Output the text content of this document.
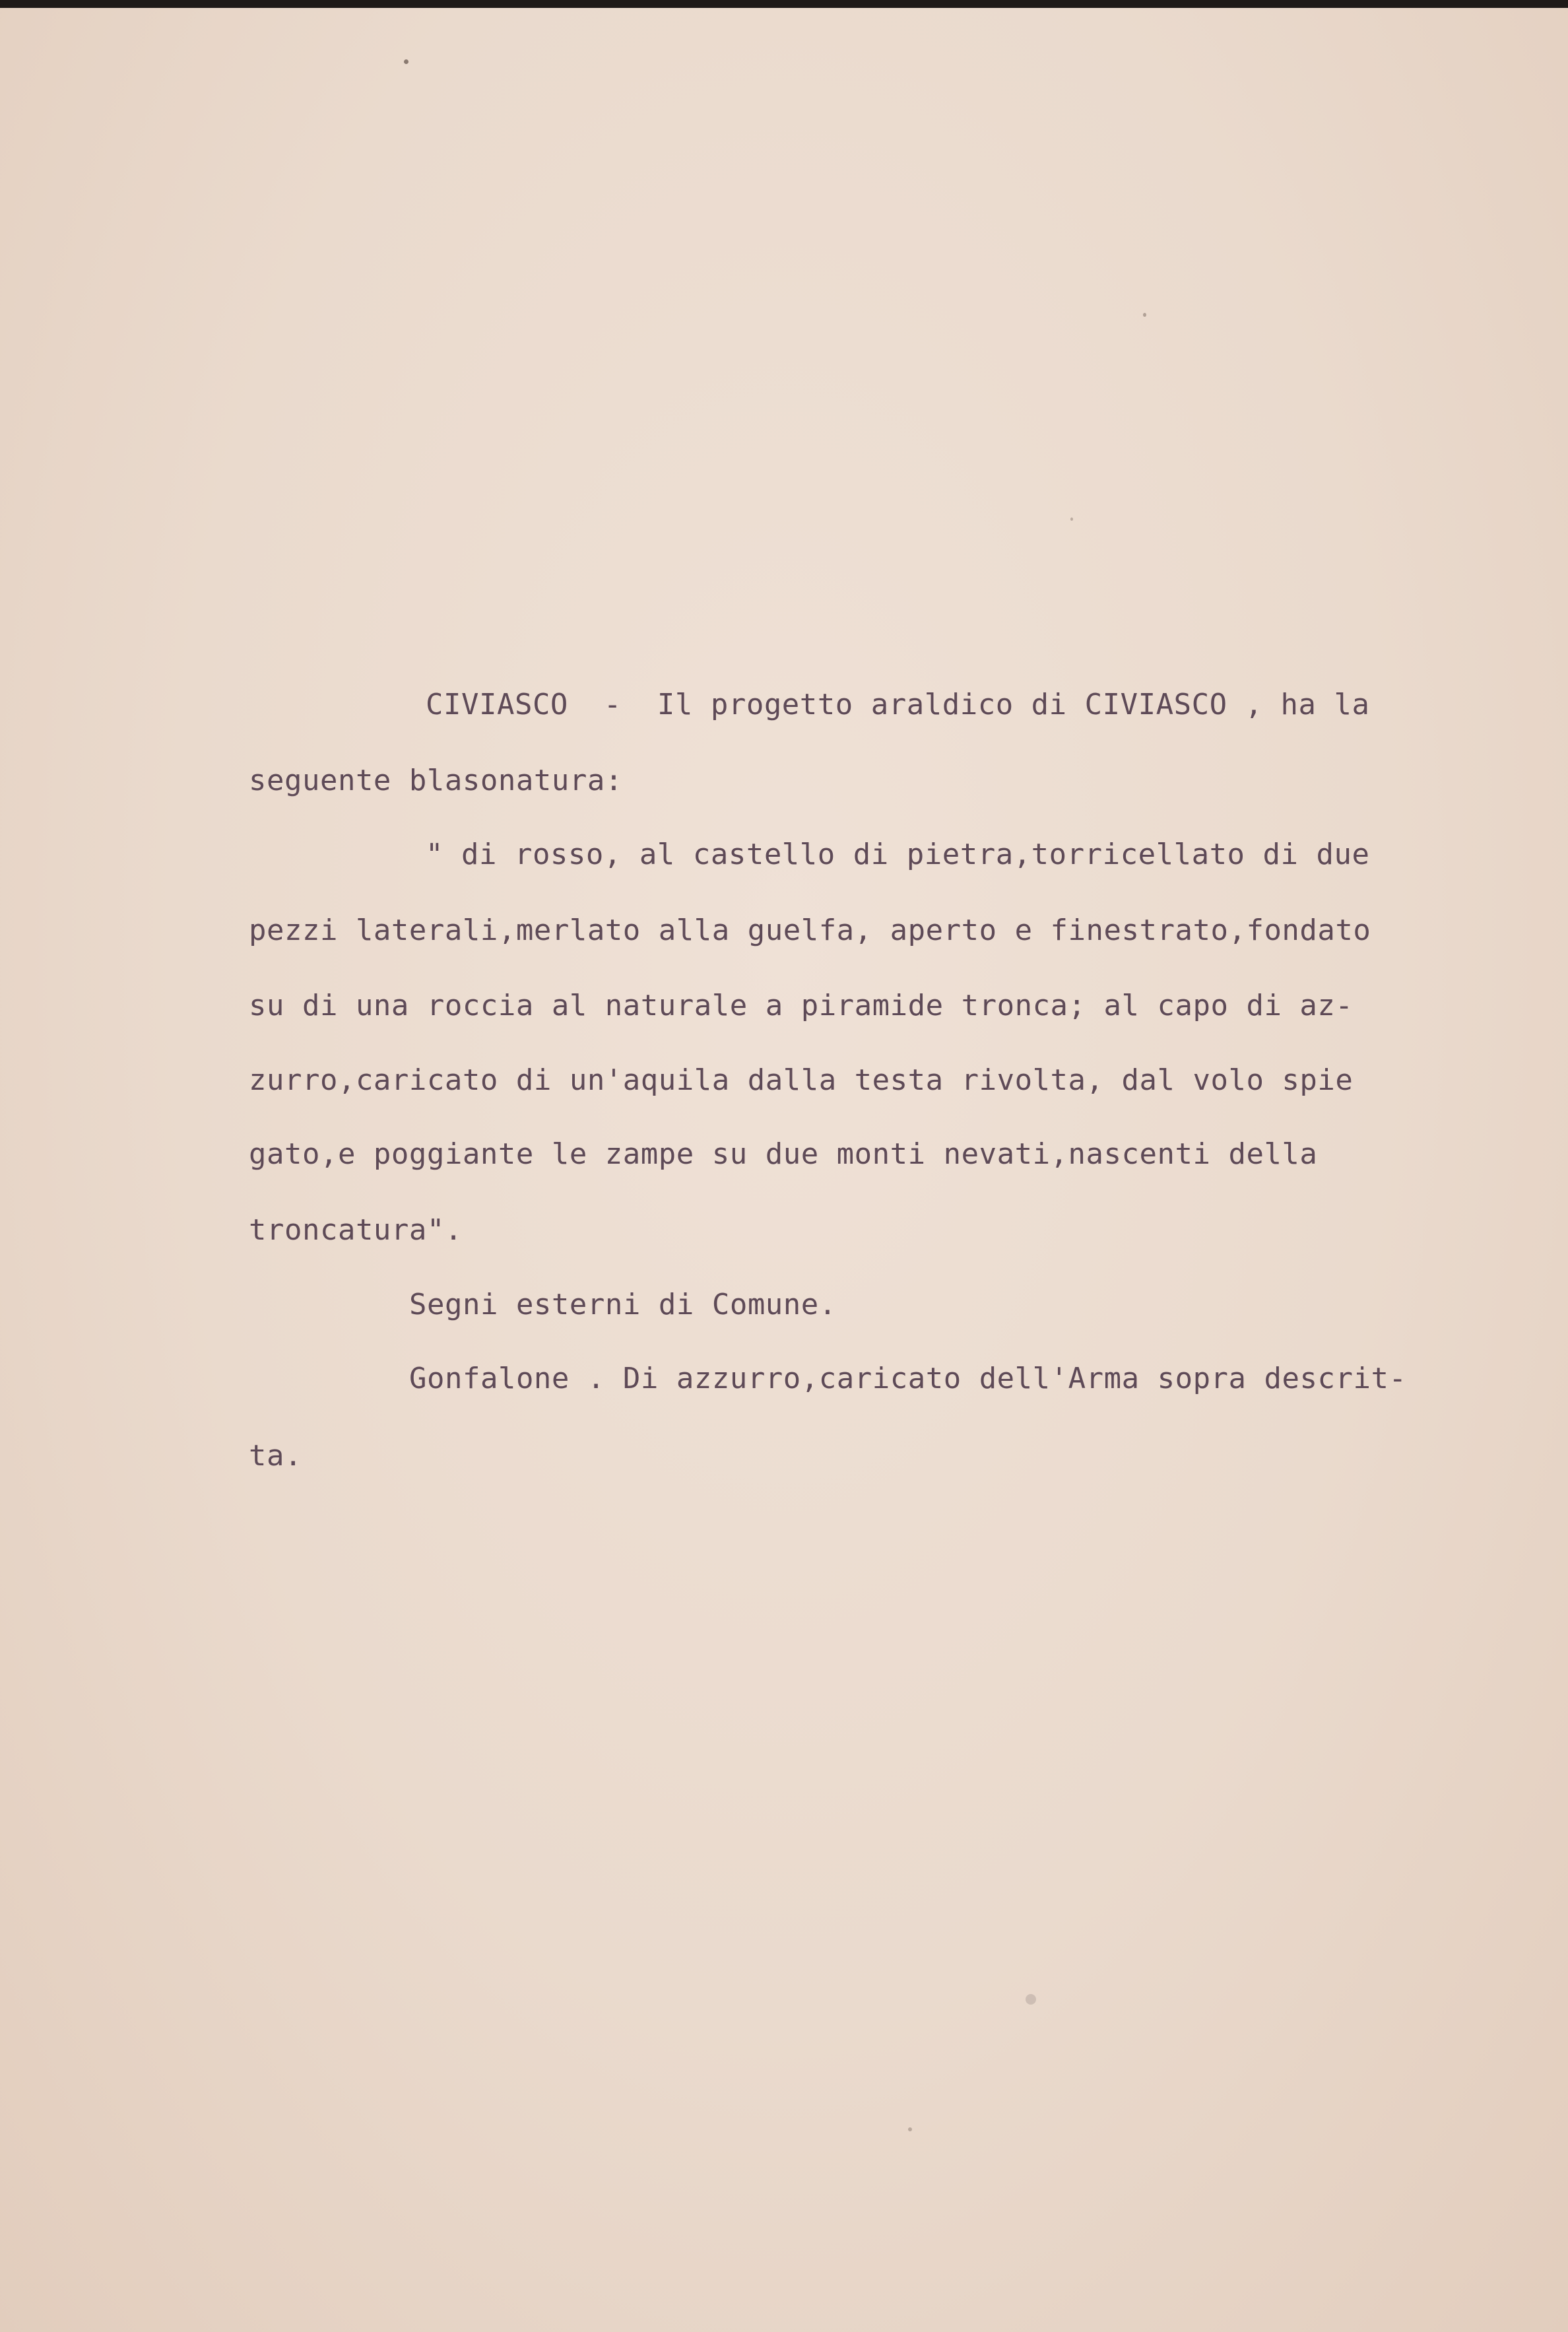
CIVIASCO  -  Il progetto araldico di CIVIASCO , ha la
seguente blasonatura:
" di rosso, al castello di pietra,torricellato di due
pezzi laterali,merlato alla guelfa, aperto e finestrato,fondato
su di una roccia al naturale a piramide tronca; al capo di az-
zurro,caricato di un'aquila dalla testa rivolta, dal volo spie
gato,e poggiante le zampe su due monti nevati,nascenti della
troncatura".
Segni esterni di Comune.
Gonfalone . Di azzurro,caricato dell'Arma sopra descrit-
ta.
